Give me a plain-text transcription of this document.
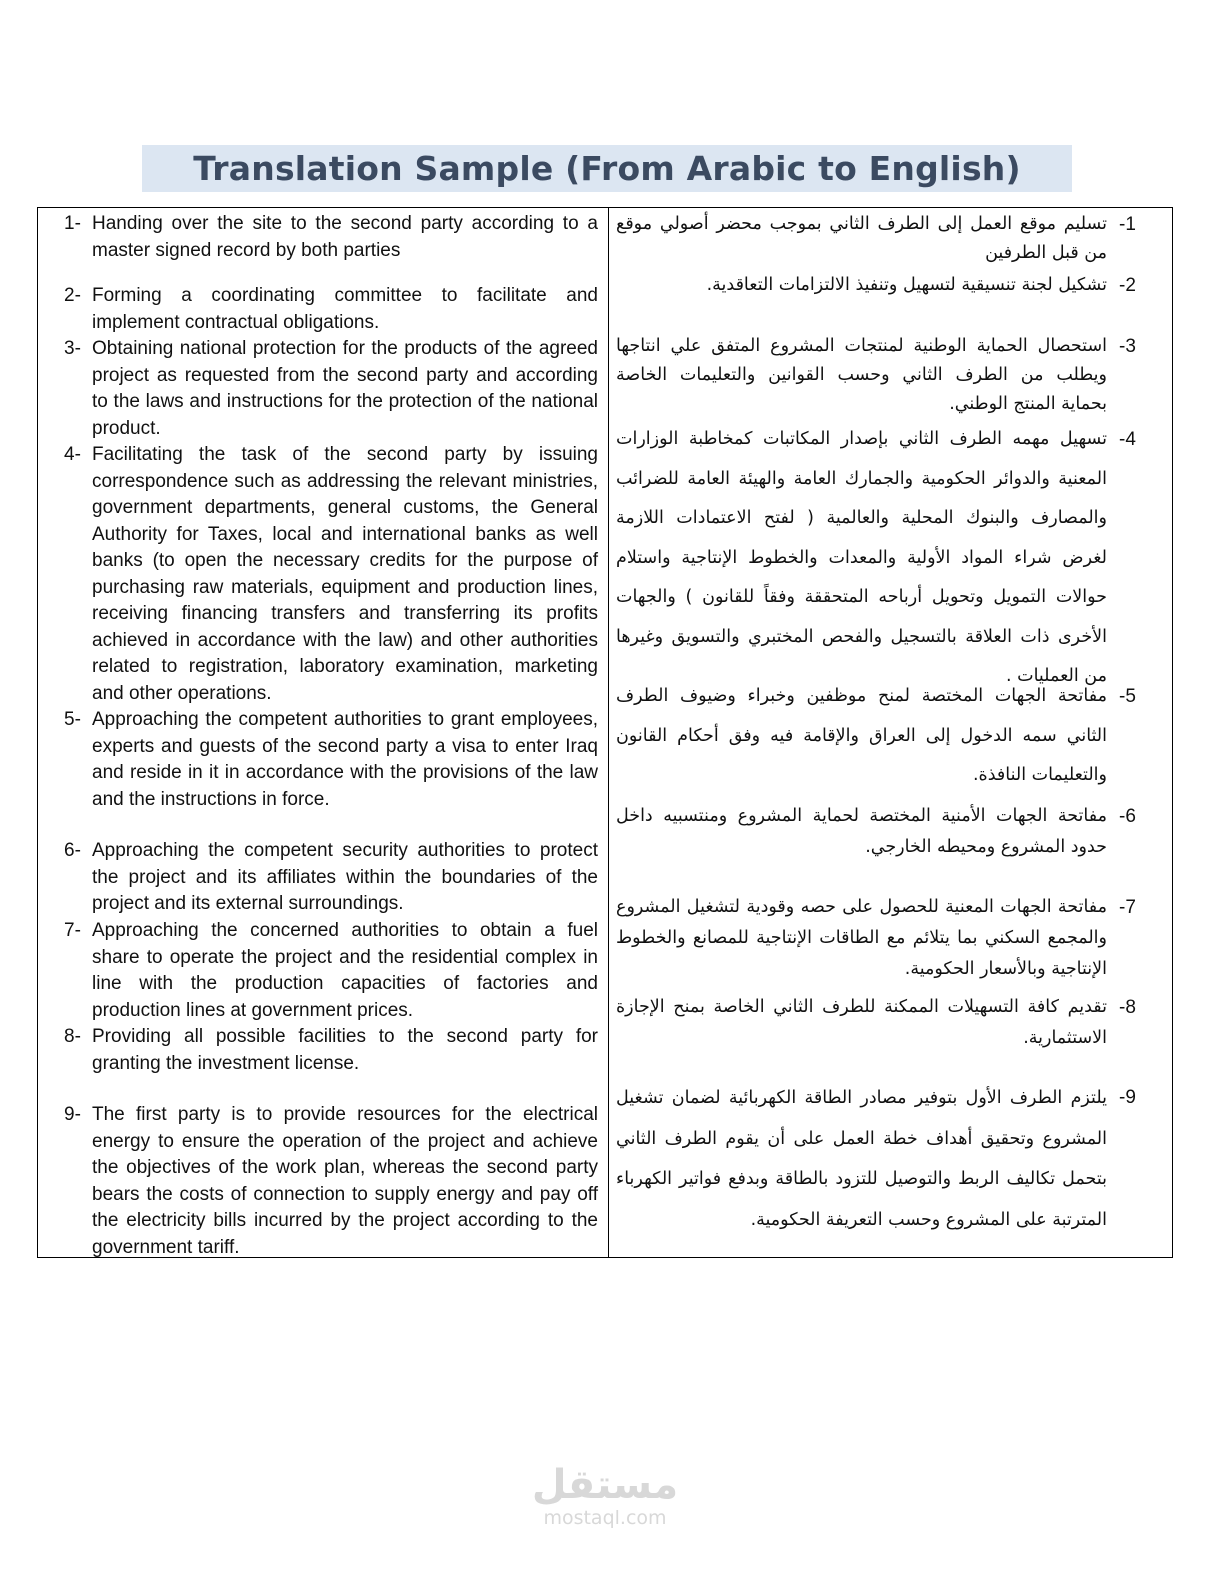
Translation Sample (From Arabic to English)
1- Handing over the site to the second party according to a master signed record by both parties
2- Forming a coordinating committee to facilitate and implement contractual obligations.
3- Obtaining national protection for the products of the agreed project as requested from the second party and according to the laws and instructions for the protection of the national product.
4- Facilitating the task of the second party by issuing correspondence such as addressing the relevant ministries, government departments, general customs, the General Authority for Taxes, local and international banks as well banks (to open the necessary credits for the purpose of purchasing raw materials, equipment and production lines, receiving financing transfers and transferring its profits achieved in accordance with the law) and other authorities related to registration, laboratory examination, marketing and other operations.
5- Approaching the competent authorities to grant employees, experts and guests of the second party a visa to enter Iraq and reside in it in accordance with the provisions of the law and the instructions in force.
6- Approaching the competent security authorities to protect the project and its affiliates within the boundaries of the project and its external surroundings.
7- Approaching the concerned authorities to obtain a fuel share to operate the project and the residential complex in line with the production capacities of factories and production lines at government prices.
8- Providing all possible facilities to the second party for granting the investment license.
9- The first party is to provide resources for the electrical energy to ensure the operation of the project and achieve the objectives of the work plan, whereas the second party bears the costs of connection to supply energy and pay off the electricity bills incurred by the project according to the government tariff.
-1
تسليم موقع العمل إلى الطرف الثاني بموجب محضر أصولي موقع من قبل الطرفين
-2
تشكيل لجنة تنسيقية لتسهيل وتنفيذ الالتزامات التعاقدية.
-3
استحصال الحماية الوطنية لمنتجات المشروع المتفق علي انتاجها ويطلب من الطرف الثاني وحسب القوانين والتعليمات الخاصة بحماية المنتج الوطني.
-4
تسهيل مهمه الطرف الثاني بإصدار المكاتبات كمخاطبة الوزارات المعنية والدوائر الحكومية والجمارك العامة والهيئة العامة للضرائب والمصارف والبنوك المحلية والعالمية ( لفتح الاعتمادات اللازمة لغرض شراء المواد الأولية والمعدات والخطوط الإنتاجية واستلام حوالات التمويل وتحويل أرباحه المتحققة وفقاً للقانون ) والجهات الأخرى ذات العلاقة بالتسجيل والفحص المختبري والتسويق وغيرها من العمليات .
-5
مفاتحة الجهات المختصة لمنح موظفين وخبراء وضيوف الطرف الثاني سمه الدخول إلى العراق والإقامة فيه وفق أحكام القانون والتعليمات النافذة.
-6
مفاتحة الجهات الأمنية المختصة لحماية المشروع ومنتسبيه داخل حدود المشروع ومحيطه الخارجي.
-7
مفاتحة الجهات المعنية للحصول على حصه وقودية لتشغيل المشروع والمجمع السكني بما يتلائم مع الطاقات الإنتاجية للمصانع والخطوط الإنتاجية وبالأسعار الحكومية.
-8
تقديم كافة التسهيلات الممكنة للطرف الثاني الخاصة بمنح الإجازة الاستثمارية.
-9
يلتزم الطرف الأول بتوفير مصادر الطاقة الكهربائية لضمان تشغيل المشروع وتحقيق أهداف خطة العمل على أن يقوم الطرف الثاني بتحمل تكاليف الربط والتوصيل للتزود بالطاقة وبدفع فواتير الكهرباء المترتبة على المشروع وحسب التعريفة الحكومية.
مستقل
mostaql.com
